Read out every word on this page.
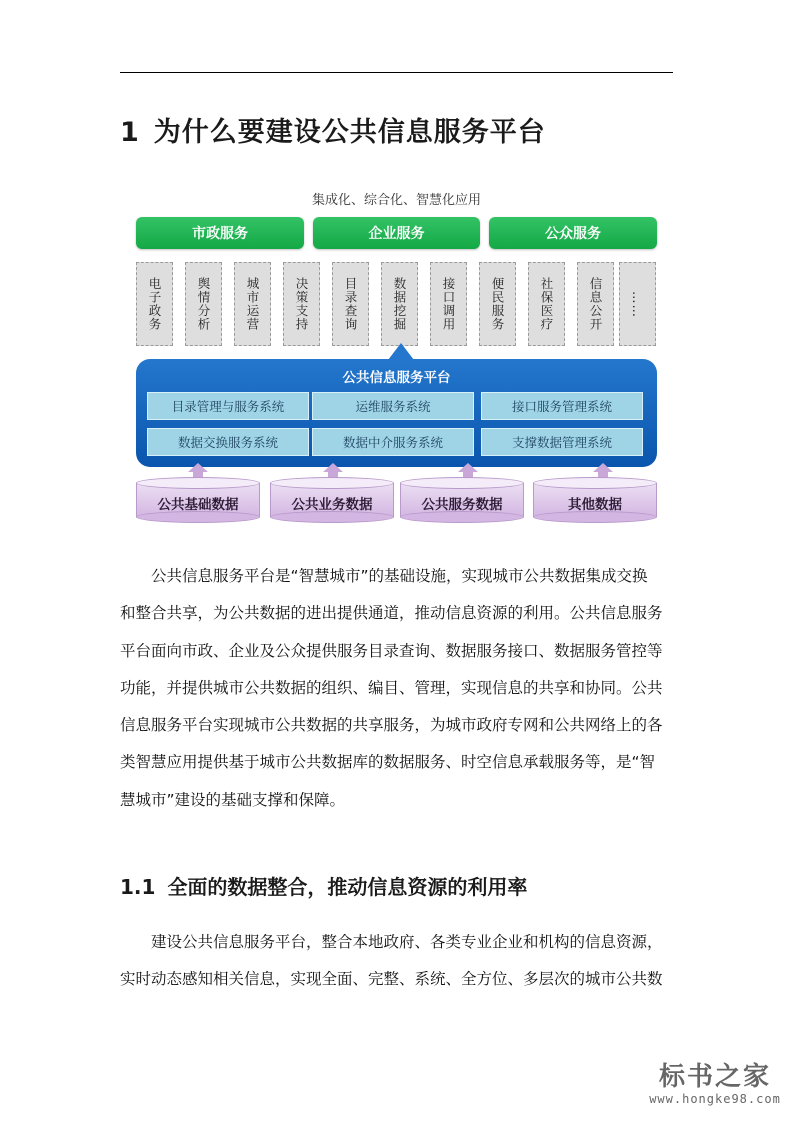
1 为什么要建设公共信息服务平台
集成化、综合化、智慧化应用
市政服务	企业服务	公众服务
电子政务	舆情分析	城市运营	决策支持	目录查询	数据挖掘	接口调用	便民服务	社保医疗	信息公开 ……
公共信息服务平台
目录管理与服务系统	运维服务系统	接口服务管理系统
数据交换服务系统	数据中介服务系统	支撑数据管理系统
公共基础数据	公共业务数据	公共服务数据	其他数据

公共信息服务平台是“智慧城市”的基础设施，实现城市公共数据集成交换

和整合共享，为公共数据的进出提供通道，推动信息资源的利用。公共信息服务

平台面向市政、企业及公众提供服务目录查询、数据服务接口、数据服务管控等

功能，并提供城市公共数据的组织、编目、管理，实现信息的共享和协同。公共

信息服务平台实现城市公共数据的共享服务，为城市政府专网和公共网络上的各

类智慧应用提供基于城市公共数据库的数据服务、时空信息承载服务等，是“智

慧城市”建设的基础支撑和保障。

1.1 全面的数据整合，推动信息资源的利用率

建设公共信息服务平台，整合本地政府、各类专业企业和机构的信息资源，

实时动态感知相关信息，实现全面、完整、系统、全方位、多层次的城市公共数

标书之家
www.hongke98.com
